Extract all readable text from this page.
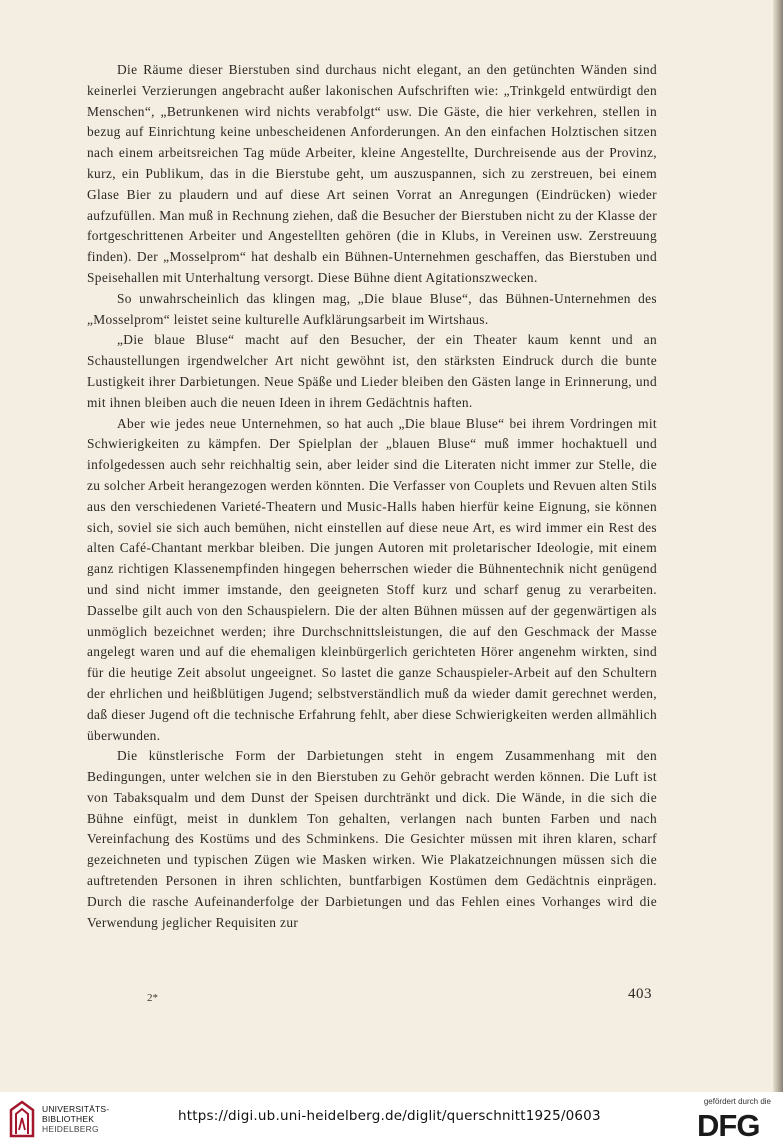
Die Räume dieser Bierstuben sind durchaus nicht elegant, an den getünchten Wänden sind keinerlei Verzierungen angebracht außer lakonischen Aufschriften wie: „Trinkgeld entwürdigt den Menschen“, „Betrunkenen wird nichts verabfolgt“ usw. Die Gäste, die hier verkehren, stellen in bezug auf Einrichtung keine unbescheidenen Anforderungen. An den einfachen Holztischen sitzen nach einem arbeitsreichen Tag müde Arbeiter, kleine Angestellte, Durchreisende aus der Provinz, kurz, ein Publikum, das in die Bierstube geht, um auszuspannen, sich zu zerstreuen, bei einem Glase Bier zu plaudern und auf diese Art seinen Vorrat an Anregungen (Eindrücken) wieder aufzufüllen. Man muß in Rechnung ziehen, daß die Besucher der Bierstuben nicht zu der Klasse der fortgeschrittenen Arbeiter und Angestellten gehören (die in Klubs, in Vereinen usw. Zerstreuung finden). Der „Mosselprom“ hat deshalb ein Bühnen-Unternehmen geschaffen, das Bierstuben und Speisehallen mit Unterhaltung versorgt. Diese Bühne dient Agitationszwecken.

So unwahrscheinlich das klingen mag, „Die blaue Bluse“, das Bühnen-Unternehmen des „Mosselprom“ leistet seine kulturelle Aufklärungsarbeit im Wirtshaus.

„Die blaue Bluse“ macht auf den Besucher, der ein Theater kaum kennt und an Schaustellungen irgendwelcher Art nicht gewöhnt ist, den stärksten Eindruck durch die bunte Lustigkeit ihrer Darbietungen. Neue Späße und Lieder bleiben den Gästen lange in Erinnerung, und mit ihnen bleiben auch die neuen Ideen in ihrem Gedächtnis haften.

Aber wie jedes neue Unternehmen, so hat auch „Die blaue Bluse“ bei ihrem Vordringen mit Schwierigkeiten zu kämpfen. Der Spielplan der „blauen Bluse“ muß immer hochaktuell und infolgedessen auch sehr reichhaltig sein, aber leider sind die Literaten nicht immer zur Stelle, die zu solcher Arbeit herangezogen werden könnten. Die Verfasser von Couplets und Revuen alten Stils aus den verschiedenen Varieté-Theatern und Music-Halls haben hierfür keine Eignung, sie können sich, soviel sie sich auch bemühen, nicht einstellen auf diese neue Art, es wird immer ein Rest des alten Café-Chantant merkbar bleiben. Die jungen Autoren mit proletarischer Ideologie, mit einem ganz richtigen Klassenempfinden hingegen beherrschen wieder die Bühnentechnik nicht genügend und sind nicht immer imstande, den geeigneten Stoff kurz und scharf genug zu verarbeiten. Dasselbe gilt auch von den Schauspielern. Die der alten Bühnen müssen auf der gegenwärtigen als unmöglich bezeichnet werden; ihre Durchschnittsleistungen, die auf den Geschmack der Masse angelegt waren und auf die ehemaligen kleinbürgerlich gerichteten Hörer angenehm wirkten, sind für die heutige Zeit absolut ungeeignet. So lastet die ganze Schauspieler-Arbeit auf den Schultern der ehrlichen und heißblütigen Jugend; selbstverständlich muß da wieder damit gerechnet werden, daß dieser Jugend oft die technische Erfahrung fehlt, aber diese Schwierigkeiten werden allmählich überwunden.

Die künstlerische Form der Darbietungen steht in engem Zusammenhang mit den Bedingungen, unter welchen sie in den Bierstuben zu Gehör gebracht werden können. Die Luft ist von Tabaksqualm und dem Dunst der Speisen durchtränkt und dick. Die Wände, in die sich die Bühne einfügt, meist in dunklem Ton gehalten, verlangen nach bunten Farben und nach Vereinfachung des Kostüms und des Schminkens. Die Gesichter müssen mit ihren klaren, scharf gezeichneten und typischen Zügen wie Masken wirken. Wie Plakatzeichnungen müssen sich die auftretenden Personen in ihren schlichten, buntfarbigen Kostümen dem Gedächtnis einprägen. Durch die rasche Aufeinanderfolge der Darbietungen und das Fehlen eines Vorhanges wird die Verwendung jeglicher Requisiten zur

2*	403
UNIVERSITÄTS-
BIBLIOTHEK
HEIDELBERG
https://digi.ub.uni-heidelberg.de/diglit/querschnitt1925/0603
gefördert durch die
DFG
